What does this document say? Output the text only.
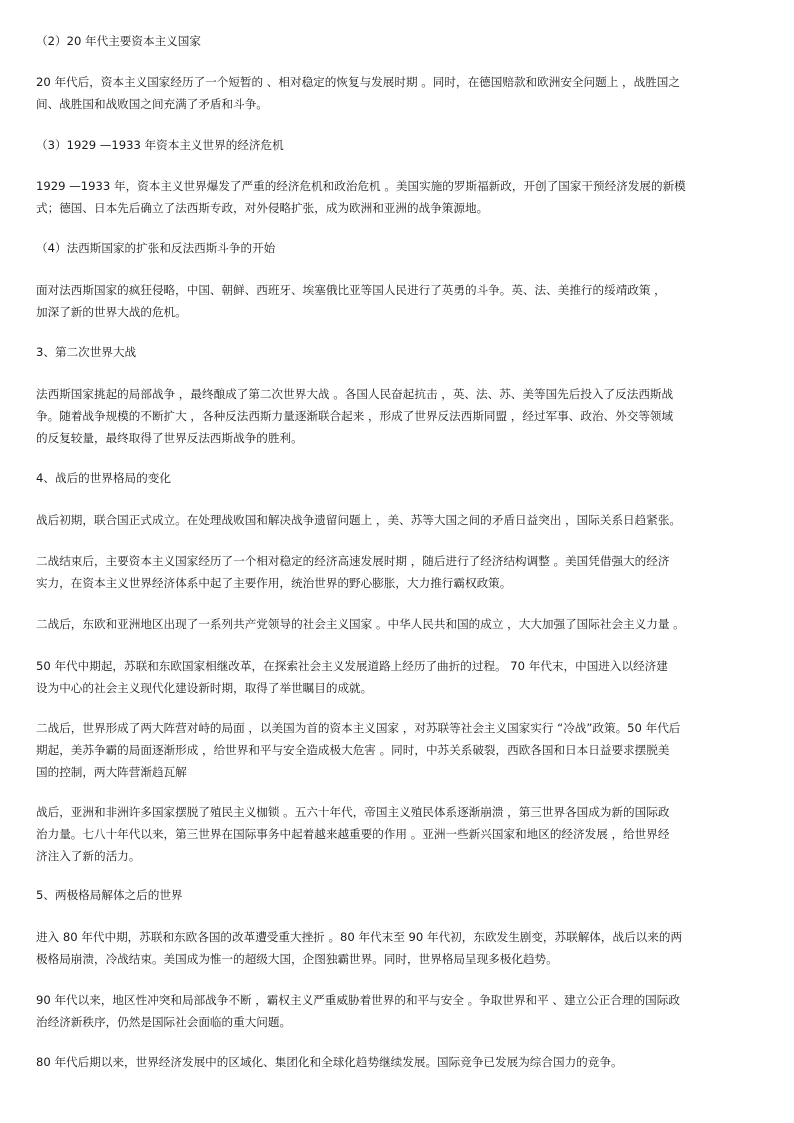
（2）20 年代主要资本主义国家
20 年代后，资本主义国家经历了一个短暂的 、相对稳定的恢复与发展时期 。同时，在德国赔款和欧洲安全问题上 ，战胜国之
间、战胜国和战败国之间充满了矛盾和斗争。
（3）1929 —1933 年资本主义世界的经济危机
1929 —1933 年，资本主义世界爆发了严重的经济危机和政治危机 。美国实施的罗斯福新政，开创了国家干预经济发展的新模
式；德国、日本先后确立了法西斯专政，对外侵略扩张，成为欧洲和亚洲的战争策源地。
（4）法西斯国家的扩张和反法西斯斗争的开始
面对法西斯国家的疯狂侵略，中国、朝鲜、西班牙、埃塞俄比亚等国人民进行了英勇的斗争。英、法、美推行的绥靖政策 ，
加深了新的世界大战的危机。
3、第二次世界大战
法西斯国家挑起的局部战争 ，最终酿成了第二次世界大战 。各国人民奋起抗击 ，英、法、苏、美等国先后投入了反法西斯战
争。随着战争规模的不断扩大 ，各种反法西斯力量逐渐联合起来 ，形成了世界反法西斯同盟 ，经过军事、政治、外交等领域
的反复较量，最终取得了世界反法西斯战争的胜利。
4、战后的世界格局的变化
战后初期，联合国正式成立。在处理战败国和解决战争遗留问题上 ，美、苏等大国之间的矛盾日益突出 ，国际关系日趋紧张。
二战结束后，主要资本主义国家经历了一个相对稳定的经济高速发展时期 ，随后进行了经济结构调整 。美国凭借强大的经济
实力，在资本主义世界经济体系中起了主要作用，统治世界的野心膨胀，大力推行霸权政策。
二战后，东欧和亚洲地区出现了一系列共产党领导的社会主义国家 。中华人民共和国的成立 ，大大加强了国际社会主义力量 。
50 年代中期起，苏联和东欧国家相继改革，在探索社会主义发展道路上经历了曲折的过程。 70 年代末，中国进入以经济建
设为中心的社会主义现代化建设新时期，取得了举世瞩目的成就。
二战后，世界形成了两大阵营对峙的局面 ，以美国为首的资本主义国家 ，对苏联等社会主义国家实行 “冷战”政策。50 年代后
期起，美苏争霸的局面逐渐形成 ，给世界和平与安全造成极大危害 。同时，中苏关系破裂，西欧各国和日本日益要求摆脱美
国的控制，两大阵营渐趋瓦解
战后，亚洲和非洲许多国家摆脱了殖民主义枷锁 。五六十年代，帝国主义殖民体系逐渐崩溃 ，第三世界各国成为新的国际政
治力量。七八十年代以来，第三世界在国际事务中起着越来越重要的作用 。亚洲一些新兴国家和地区的经济发展 ，给世界经
济注入了新的活力。
5、两极格局解体之后的世界
进入 80 年代中期，苏联和东欧各国的改革遭受重大挫折 。80 年代末至 90 年代初，东欧发生剧变，苏联解体，战后以来的两
极格局崩溃，冷战结束。美国成为惟一的超级大国，企图独霸世界。同时，世界格局呈现多极化趋势。
90 年代以来，地区性冲突和局部战争不断 ，霸权主义严重威胁着世界的和平与安全 。争取世界和平 、建立公正合理的国际政
治经济新秩序，仍然是国际社会面临的重大问题。
80 年代后期以来，世界经济发展中的区域化、集团化和全球化趋势继续发展。国际竞争已发展为综合国力的竞争。
